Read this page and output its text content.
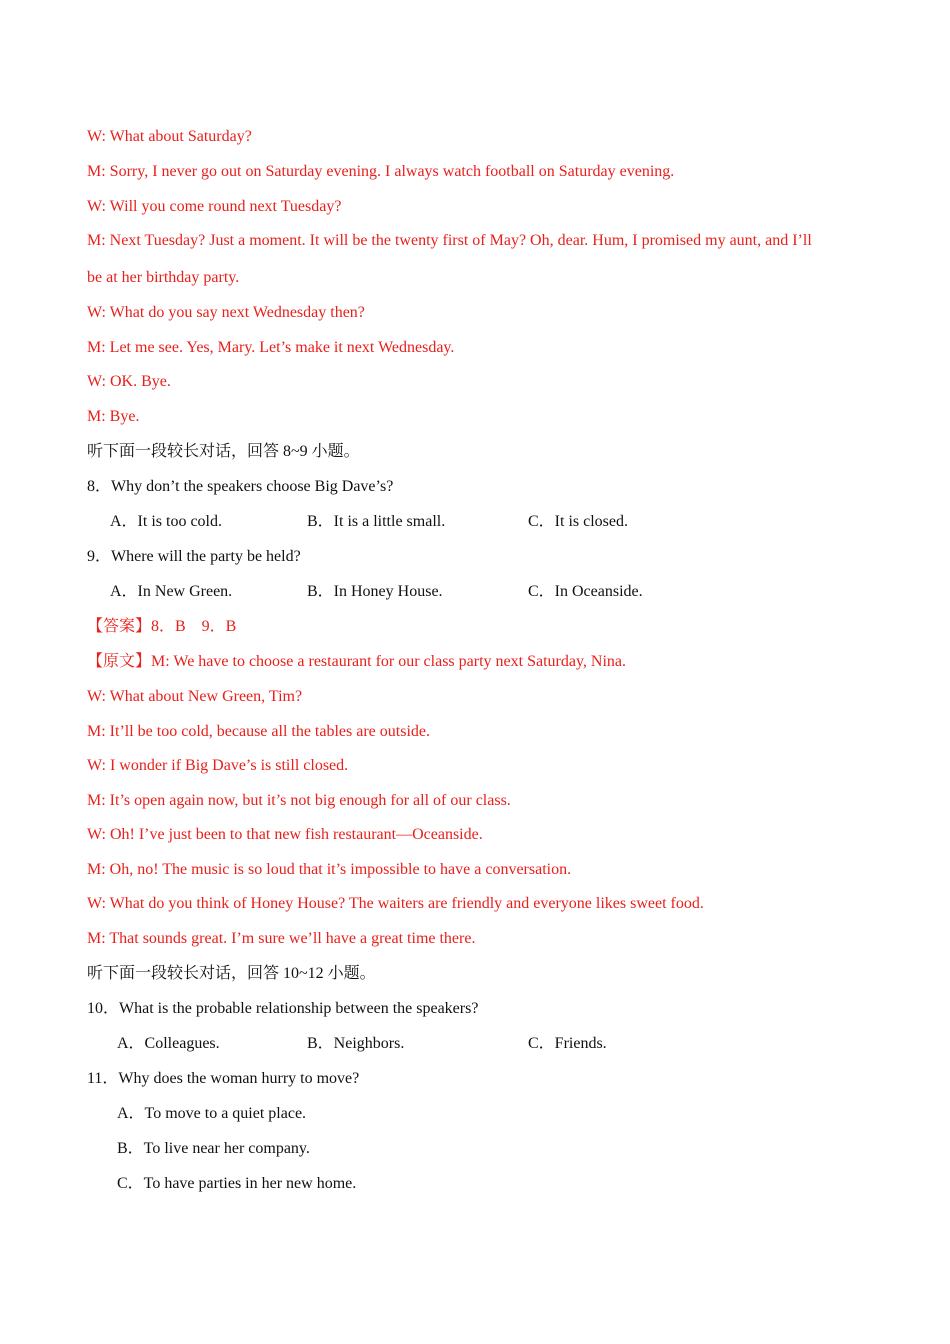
W: What about Saturday?
M: Sorry, I never go out on Saturday evening. I always watch football on Saturday evening.
W: Will you come round next Tuesday?
M: Next Tuesday? Just a moment. It will be the twenty first of May? Oh, dear. Hum, I promised my aunt, and I’ll
be at her birthday party.
W: What do you say next Wednesday then?
M: Let me see. Yes, Mary. Let’s make it next Wednesday.
W: OK. Bye.
M: Bye.
听下面一段较长对话，回答 8~9 小题。
8．Why don’t the speakers choose Big Dave’s?
A．It is too cold.	B．It is a little small.	C．It is closed.
9．Where will the party be held?
A．In New Green.	B．In Honey House.	C．In Oceanside.
【答案】8．B　9．B
【原文】M: We have to choose a restaurant for our class party next Saturday, Nina.
W: What about New Green, Tim?
M: It’ll be too cold, because all the tables are outside.
W: I wonder if Big Dave’s is still closed.
M: It’s open again now, but it’s not big enough for all of our class.
W: Oh! I’ve just been to that new fish restaurant—Oceanside.
M: Oh, no! The music is so loud that it’s impossible to have a conversation.
W: What do you think of Honey House? The waiters are friendly and everyone likes sweet food.
M: That sounds great. I’m sure we’ll have a great time there.
听下面一段较长对话，回答 10~12 小题。
10．What is the probable relationship between the speakers?
A．Colleagues.	B．Neighbors.	C．Friends.
11．Why does the woman hurry to move?
A．To move to a quiet place.
B．To live near her company.
C．To have parties in her new home.
